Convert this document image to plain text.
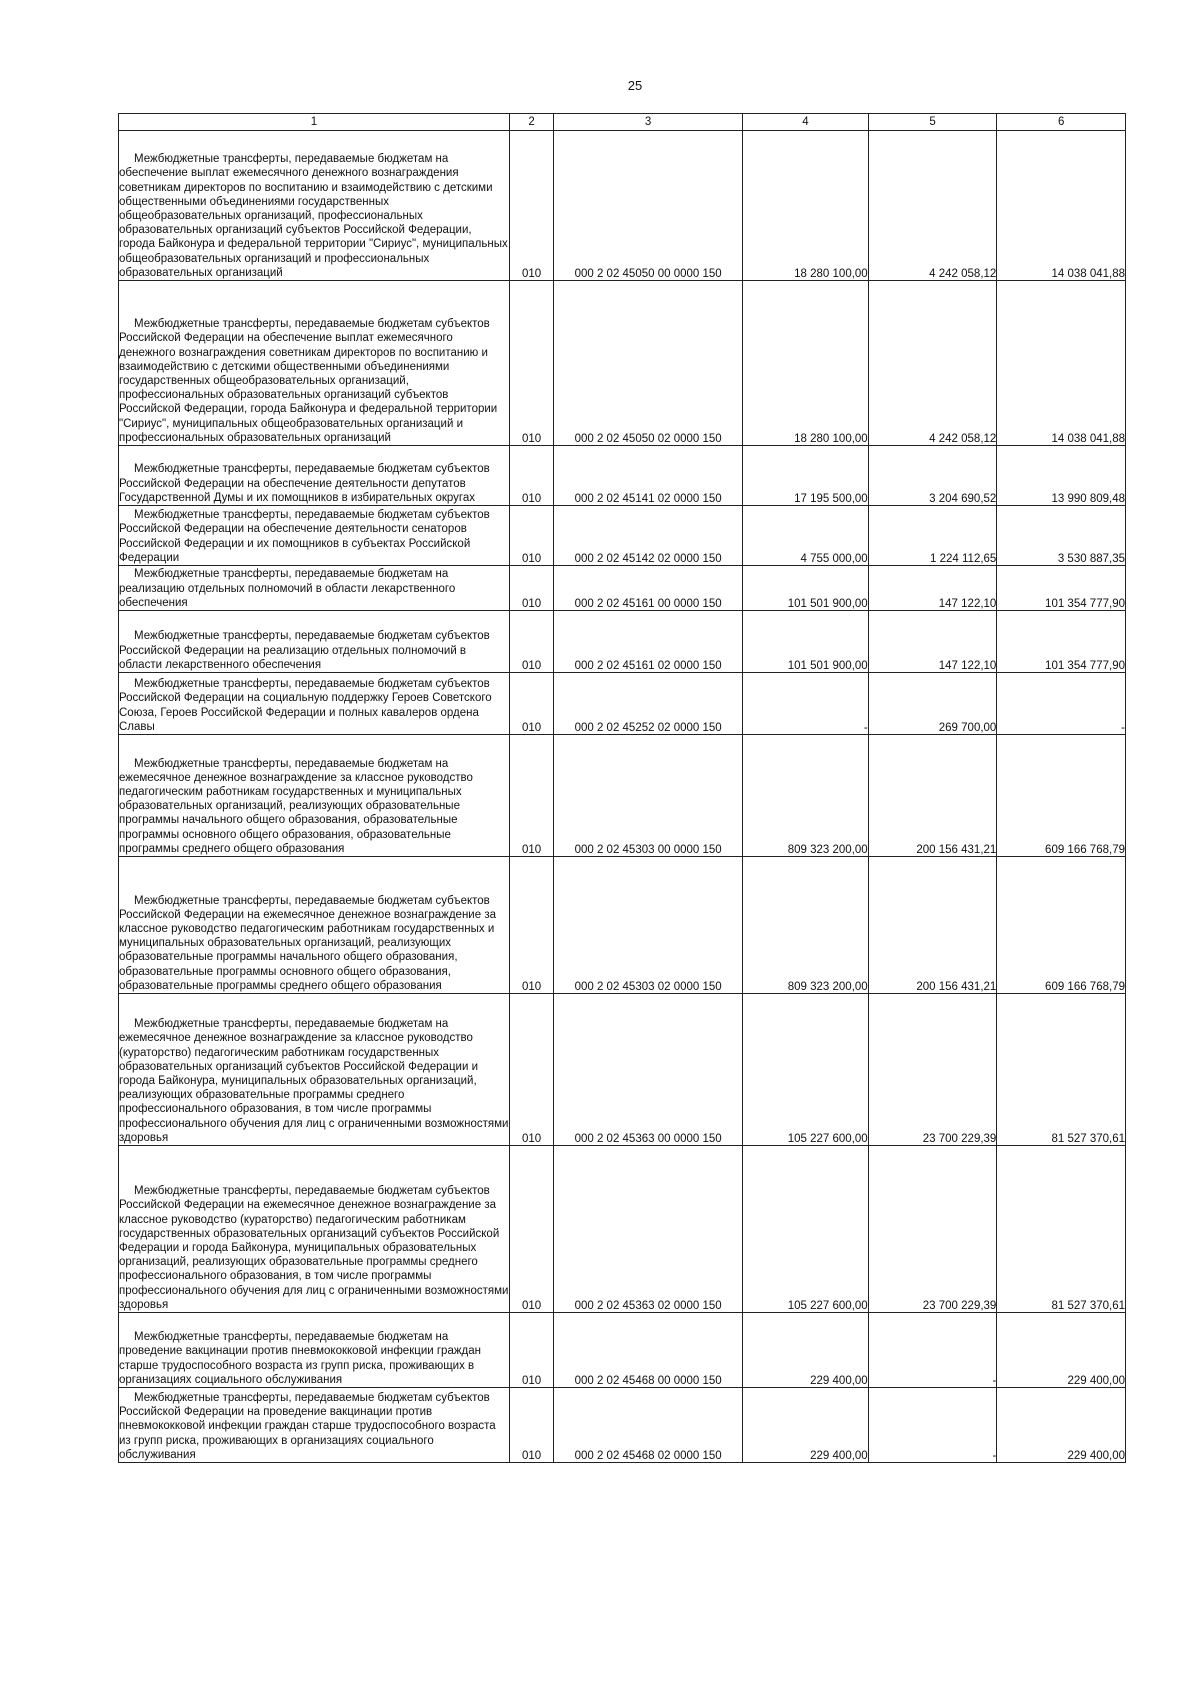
25
1	2	3	4	5	6
Межбюджетные трансферты, передаваемые бюджетам на обеспечение выплат ежемесячного денежного вознаграждения советникам директоров по воспитанию и взаимодействию с детскими общественными объединениями государственных общеобразовательных организаций, профессиональных образовательных организаций субъектов Российской Федерации, города Байконура и федеральной территории "Сириус", муниципальных общеобразовательных организаций и профессиональных образовательных организаций	010	000 2 02 45050 00 0000 150	18 280 100,00	4 242 058,12	14 038 041,88
Межбюджетные трансферты, передаваемые бюджетам субъектов Российской Федерации на обеспечение выплат ежемесячного денежного вознаграждения советникам директоров по воспитанию и взаимодействию с детскими общественными объединениями государственных общеобразовательных организаций, профессиональных образовательных организаций субъектов Российской Федерации, города Байконура и федеральной территории "Сириус", муниципальных общеобразовательных организаций и профессиональных образовательных организаций	010	000 2 02 45050 02 0000 150	18 280 100,00	4 242 058,12	14 038 041,88
Межбюджетные трансферты, передаваемые бюджетам субъектов Российской Федерации на обеспечение деятельности депутатов Государственной Думы и их помощников в избирательных округах	010	000 2 02 45141 02 0000 150	17 195 500,00	3 204 690,52	13 990 809,48
Межбюджетные трансферты, передаваемые бюджетам субъектов Российской Федерации на обеспечение деятельности сенаторов Российской Федерации и их помощников в субъектах Российской Федерации	010	000 2 02 45142 02 0000 150	4 755 000,00	1 224 112,65	3 530 887,35
Межбюджетные трансферты, передаваемые бюджетам на реализацию отдельных полномочий в области лекарственного обеспечения	010	000 2 02 45161 00 0000 150	101 501 900,00	147 122,10	101 354 777,90
Межбюджетные трансферты, передаваемые бюджетам субъектов Российской Федерации на реализацию отдельных полномочий в области лекарственного обеспечения	010	000 2 02 45161 02 0000 150	101 501 900,00	147 122,10	101 354 777,90
Межбюджетные трансферты, передаваемые бюджетам субъектов Российской Федерации на социальную поддержку Героев Советского Союза, Героев Российской Федерации и полных кавалеров ордена Славы	010	000 2 02 45252 02 0000 150	-	269 700,00	-
Межбюджетные трансферты, передаваемые бюджетам на ежемесячное денежное вознаграждение за классное руководство педагогическим работникам государственных и муниципальных образовательных организаций, реализующих образовательные программы начального общего образования, образовательные программы основного общего образования, образовательные программы среднего общего образования	010	000 2 02 45303 00 0000 150	809 323 200,00	200 156 431,21	609 166 768,79
Межбюджетные трансферты, передаваемые бюджетам субъектов Российской Федерации на ежемесячное денежное вознаграждение за классное руководство педагогическим работникам государственных и муниципальных образовательных организаций, реализующих образовательные программы начального общего образования, образовательные программы основного общего образования, образовательные программы среднего общего образования	010	000 2 02 45303 02 0000 150	809 323 200,00	200 156 431,21	609 166 768,79
Межбюджетные трансферты, передаваемые бюджетам на ежемесячное денежное вознаграждение за классное руководство (кураторство) педагогическим работникам государственных образовательных организаций субъектов Российской Федерации и города Байконура, муниципальных образовательных организаций, реализующих образовательные программы среднего профессионального образования, в том числе программы профессионального обучения для лиц с ограниченными возможностями здоровья	010	000 2 02 45363 00 0000 150	105 227 600,00	23 700 229,39	81 527 370,61
Межбюджетные трансферты, передаваемые бюджетам субъектов Российской Федерации на ежемесячное денежное вознаграждение за классное руководство (кураторство) педагогическим работникам государственных образовательных организаций субъектов Российской Федерации и города Байконура, муниципальных образовательных организаций, реализующих образовательные программы среднего профессионального образования, в том числе программы профессионального обучения для лиц с ограниченными возможностями здоровья	010	000 2 02 45363 02 0000 150	105 227 600,00	23 700 229,39	81 527 370,61
Межбюджетные трансферты, передаваемые бюджетам на проведение вакцинации против пневмококковой инфекции граждан старше трудоспособного возраста из групп риска, проживающих в организациях социального обслуживания	010	000 2 02 45468 00 0000 150	229 400,00	-	229 400,00
Межбюджетные трансферты, передаваемые бюджетам субъектов Российской Федерации на проведение вакцинации против пневмококковой инфекции граждан старше трудоспособного возраста из групп риска, проживающих в организациях социального обслуживания	010	000 2 02 45468 02 0000 150	229 400,00	-	229 400,00
